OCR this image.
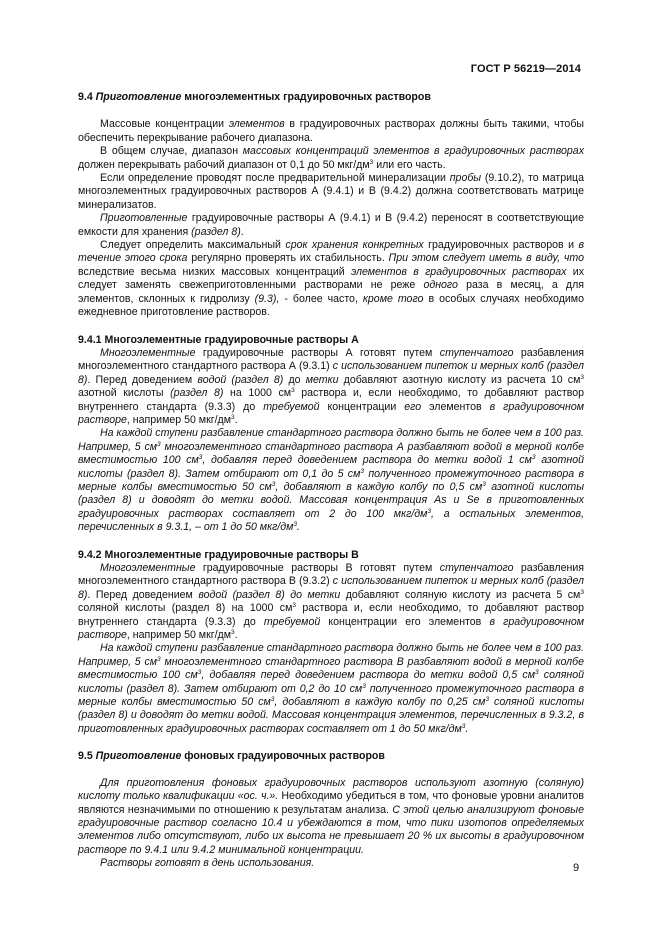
ГОСТ Р 56219—2014
9.4 Приготовление многоэлементных градуировочных растворов

Массовые концентрации элементов в градуировочных растворах должны быть такими, чтобы обеспечить перекрывание рабочего диапазона.

В общем случае, диапазон массовых концентраций элементов в градуировочных растворах должен перекрывать рабочий диапазон от 0,1 до 50 мкг/$дм^3$ или его часть.

Если определение проводят после предварительной минерализации пробы (9.10.2), то матрица многоэлементных градуировочных растворов А (9.4.1) и В (9.4.2) должна соответствовать матрице минерализатов.

Приготовленные градуировочные растворы А (9.4.1) и В (9.4.2) переносят в соответствующие емкости для хранения (раздел 8).

Следует определить максимальный срок хранения конкретных градуировочных растворов и в течение этого срока регулярно проверять их стабильность. При этом следует иметь в виду, что вследствие весьма низких массовых концентраций элементов в градуировочных растворах их следует заменять свежеприготовленными растворами не реже одного раза в месяц, а для элементов, склонных к гидролизу (9.3), - более часто, кроме того в особых случаях необходимо ежедневное приготовление растворов.

9.4.1 Многоэлементные градуировочные растворы А

Многоэлементные градуировочные растворы А готовят путем ступенчатого разбавления многоэлементного стандартного раствора А (9.3.1) с использованием пипеток и мерных колб (раздел 8). Перед доведением водой (раздел 8) до метки добавляют азотную кислоту из расчета 10 $см^3$ азотной кислоты (раздел 8) на 1000 $см^3$ раствора и, если необходимо, то добавляют раствор внутреннего стандарта (9.3.3) до требуемой концентрации его элементов в градуировочном растворе, например 50 мкг/$дм^3$.

На каждой ступени разбавление стандартного раствора должно быть не более чем в 100 раз. Например, 5 $см^3$ многоэлементного стандартного раствора А разбавляют водой в мерной колбе вместимостью 100 $см^3$, добавляя перед доведением раствора до метки водой 1 $см^3$ азотной кислоты (раздел 8). Затем отбирают от 0,1 до 5 $см^3$ полученного промежуточного раствора в мерные колбы вместимостью 50 $см^3$, добавляют в каждую колбу по 0,5 $см^3$ азотной кислоты (раздел 8) и доводят до метки водой. Массовая концентрация As и Se в приготовленных градуировочных растворах составляет от 2 до 100 мкг/$дм^3$, а остальных элементов, перечисленных в 9.3.1, – от 1 до 50 мкг/$дм^3$.

9.4.2 Многоэлементные градуировочные растворы В

Многоэлементные градуировочные растворы В готовят путем ступенчатого разбавления многоэлементного стандартного раствора В (9.3.2) с использованием пипеток и мерных колб (раздел 8). Перед доведением водой (раздел 8) до метки добавляют соляную кислоту из расчета 5 $см^3$ соляной кислоты (раздел 8) на 1000 $см^3$ раствора и, если необходимо, то добавляют раствор внутреннего стандарта (9.3.3) до требуемой концентрации его элементов в градуировочном растворе, например 50 мкг/$дм^3$.

На каждой ступени разбавление стандартного раствора должно быть не более чем в 100 раз. Например, 5 $см^3$ многоэлементного стандартного раствора В разбавляют водой в мерной колбе вместимостью 100 $см^3$, добавляя перед доведением раствора до метки водой 0,5 $см^3$ соляной кислоты (раздел 8). Затем отбирают от 0,2 до 10 $см^3$ полученного промежуточного раствора в мерные колбы вместимостью 50 $см^3$, добавляют в каждую колбу по 0,25 $см^3$ соляной кислоты (раздел 8) и доводят до метки водой. Массовая концентрация элементов, перечисленных в 9.3.2, в приготовленных градуировочных растворах составляет от 1 до 50 мкг/$дм^3$.

9.5 Приготовление фоновых градуировочных растворов

Для приготовления фоновых градуировочных растворов используют азотную (соляную) кислоту только квалификации «ос. ч.». Необходимо убедиться в том, что фоновые уровни аналитов являются незначимыми по отношению к результатам анализа. С этой целью анализируют фоновые градуировочные раствор согласно 10.4 и убеждаются в том, что пики изотопов определяемых элементов либо отсутствуют, либо их высота не превышает 20 % их высоты в градуировочном растворе по 9.4.1 или 9.4.2 минимальной концентрации.

Растворы готовят в день использования.	9
